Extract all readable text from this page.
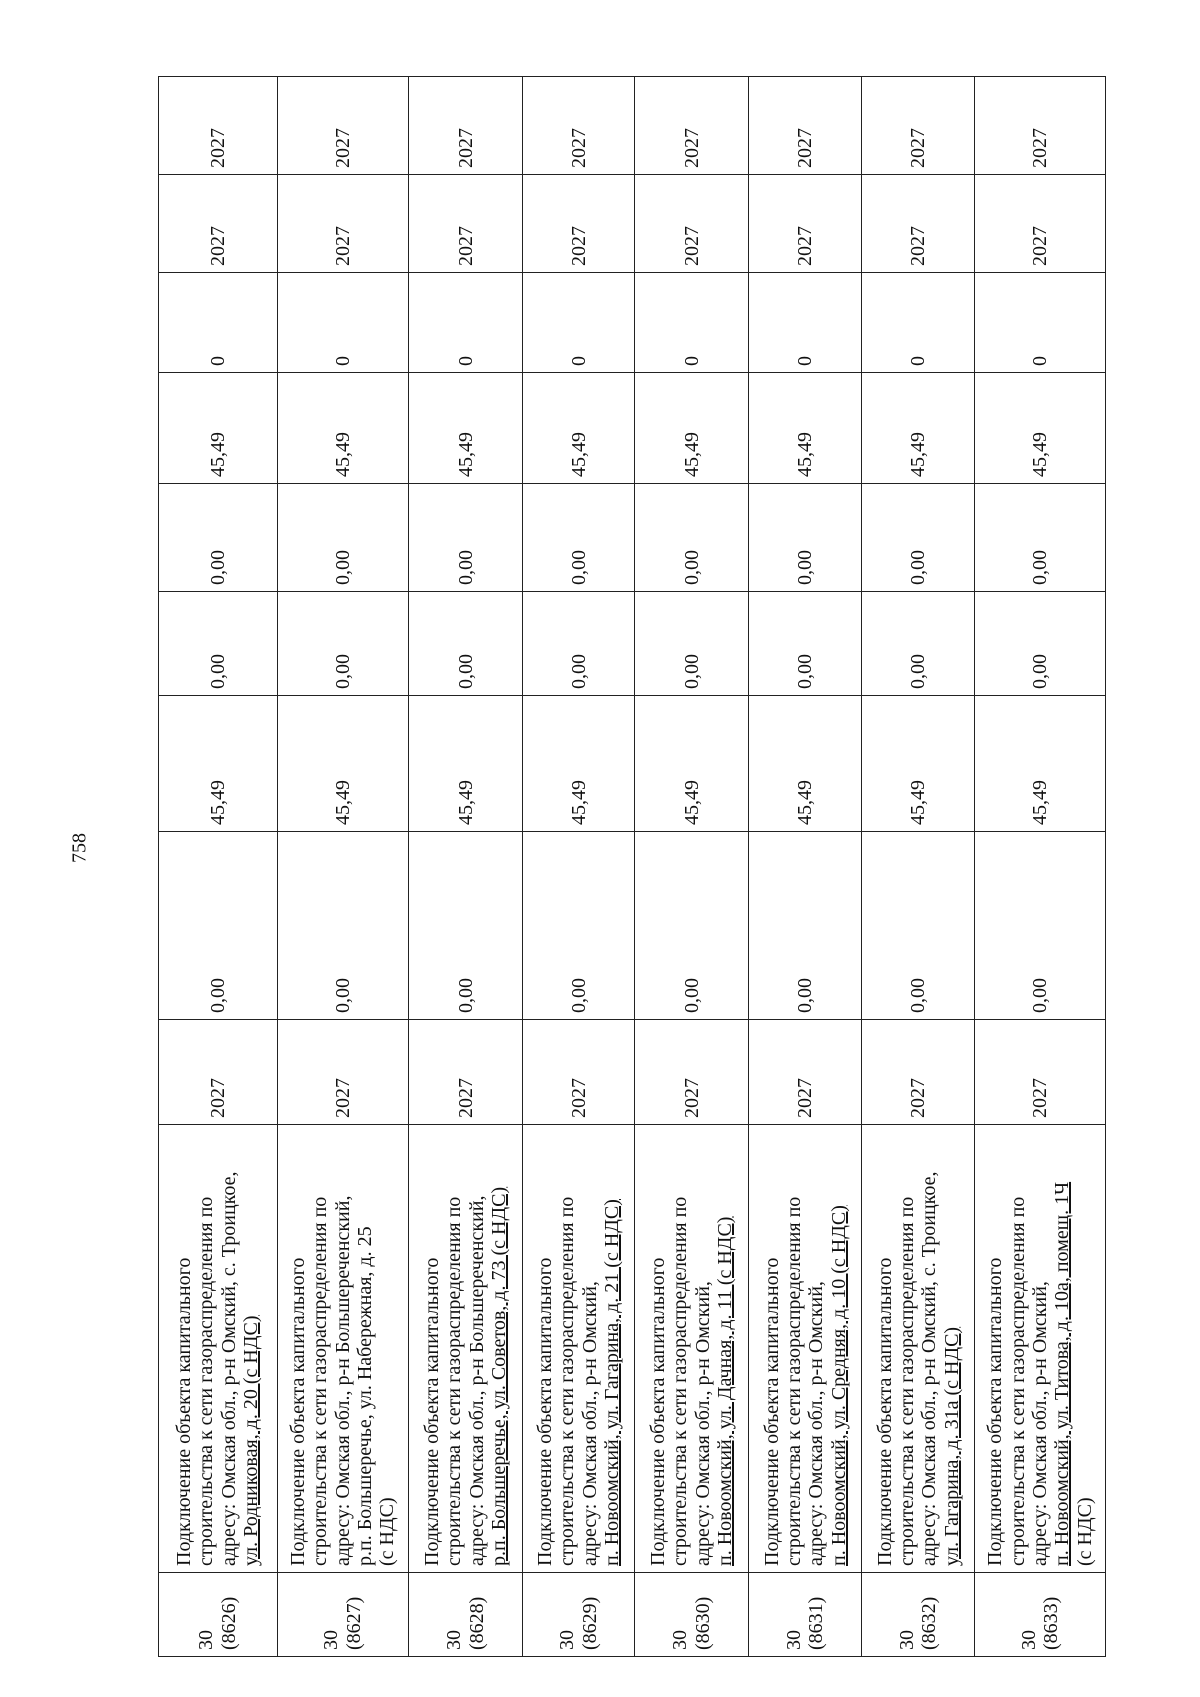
758
30
(8626)	Подключение объекта капитального строительства к сети газораспределения по адресу: Омская обл., р-н Омский, с. Троицкое, ул. Родниковая, д. 20 (с НДС)	2027	0,00	45,49	0,00	0,00	45,49	0	2027	2027
30
(8627)	Подключение объекта капитального строительства к сети газораспределения по адресу: Омская обл., р-н Большереченский, р.п. Большеречье, ул. Набережная, д. 25 (с НДС)	2027	0,00	45,49	0,00	0,00	45,49	0	2027	2027
30
(8628)	Подключение объекта капитального строительства к сети газораспределения по адресу: Омская обл., р-н Большереченский, р.п. Большеречье, ул. Советов, д. 73 (с НДС)	2027	0,00	45,49	0,00	0,00	45,49	0	2027	2027
30
(8629)	Подключение объекта капитального строительства к сети газораспределения по адресу: Омская обл., р-н Омский, п. Новоомский, ул. Гагарина, д. 21 (с НДС)	2027	0,00	45,49	0,00	0,00	45,49	0	2027	2027
30
(8630)	Подключение объекта капитального строительства к сети газораспределения по адресу: Омская обл., р-н Омский, п. Новоомский, ул. Дачная, д. 11 (с НДС)	2027	0,00	45,49	0,00	0,00	45,49	0	2027	2027
30
(8631)	Подключение объекта капитального строительства к сети газораспределения по адресу: Омская обл., р-н Омский, п. Новоомский, ул. Средняя, д. 10 (с НДС)	2027	0,00	45,49	0,00	0,00	45,49	0	2027	2027
30
(8632)	Подключение объекта капитального строительства к сети газораспределения по адресу: Омская обл., р-н Омский, с. Троицкое, ул. Гагарина, д. 31а (с НДС)	2027	0,00	45,49	0,00	0,00	45,49	0	2027	2027
30
(8633)	Подключение объекта капитального строительства к сети газораспределения по адресу: Омская обл., р-н Омский, п. Новоомский, ул. Титова, д. 10а, помещ. 1Ч (с НДС)	2027	0,00	45,49	0,00	0,00	45,49	0	2027	2027
